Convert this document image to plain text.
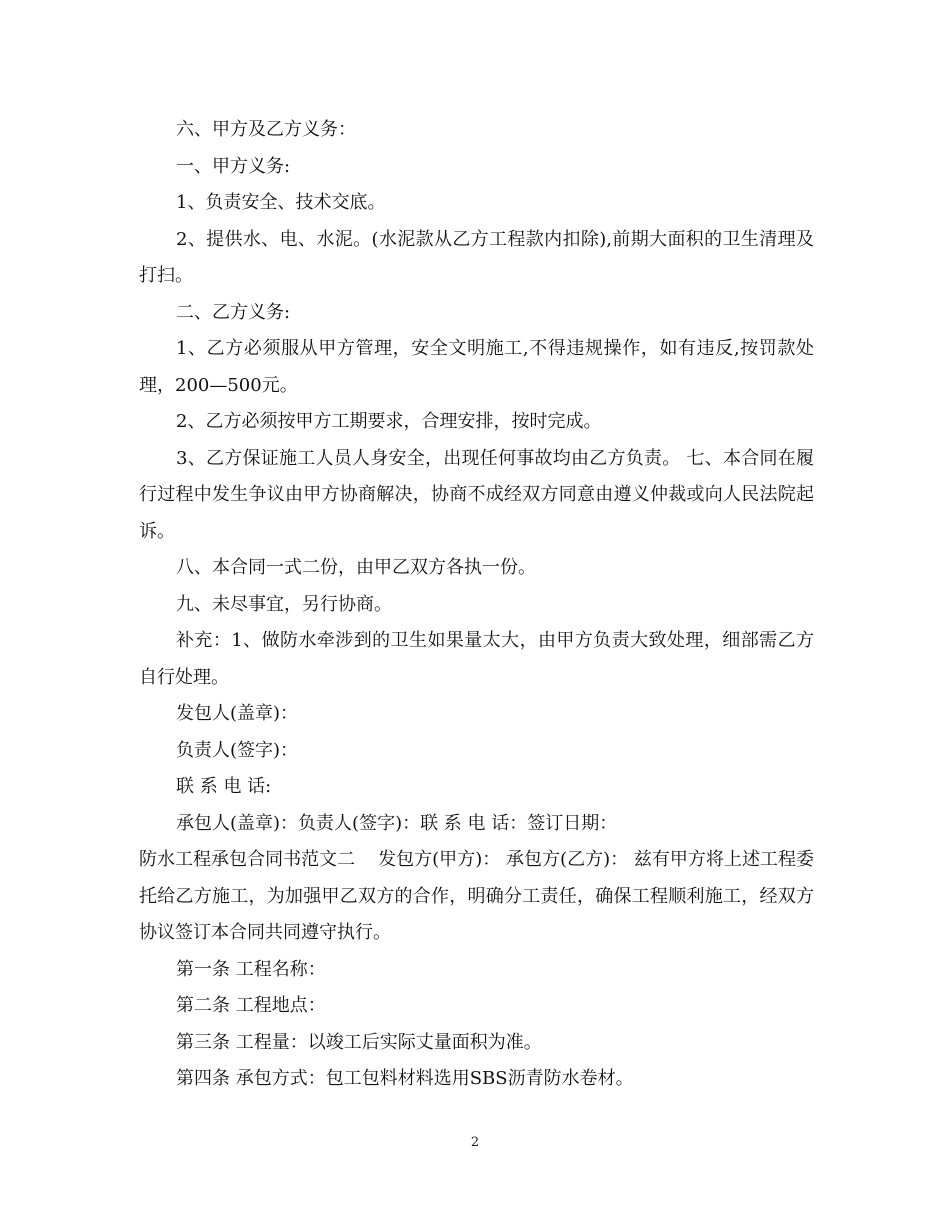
六、甲方及乙方义务：

一、甲方义务:

1、负责安全、技术交底。

2、提供水、电、水泥。(水泥款从乙方工程款内扣除),前期大面积的卫生清理及打扫。

二、乙方义务:

1、乙方必须服从甲方管理，安全文明施工,不得违规操作，如有违反,按罚款处理，200—500元。

2、乙方必须按甲方工期要求，合理安排，按时完成。

3、乙方保证施工人员人身安全，出现任何事故均由乙方负责。 七、本合同在履行过程中发生争议由甲方协商解决，协商不成经双方同意由遵义仲裁或向人民法院起诉。

八、本合同一式二份，由甲乙双方各执一份。

九、未尽事宜，另行协商。

补充：1、做防水牵涉到的卫生如果量太大，由甲方负责大致处理，细部需乙方自行处理。

发包人(盖章)：

负责人(签字)：

联 系 电 话:

承包人(盖章)：负责人(签字)：联 系 电 话：签订日期：

防水工程承包合同书范文二    发包方(甲方)： 承包方(乙方)： 兹有甲方将上述工程委托给乙方施工，为加强甲乙双方的合作，明确分工责任，确保工程顺利施工，经双方协议签订本合同共同遵守执行。

第一条 工程名称：

第二条 工程地点：

第三条 工程量：以竣工后实际丈量面积为准。

第四条 承包方式：包工包料材料选用SBS沥青防水卷材。

2
